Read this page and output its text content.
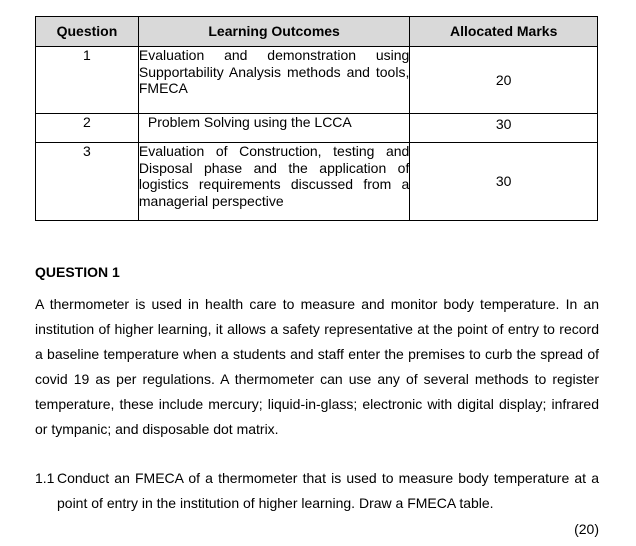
Question	Learning Outcomes	Allocated Marks
1	Evaluation and demonstration using Supportability Analysis methods and tools, FMECA	20
2	Problem Solving using the LCCA	30
3	Evaluation of Construction, testing and Disposal phase and the application of logistics requirements discussed from a managerial perspective	30
QUESTION 1

A thermometer is used in health care to measure and monitor body temperature. In an institution of higher learning, it allows a safety representative at the point of entry to record a baseline temperature when a students and staff enter the premises to curb the spread of covid 19 as per regulations. A thermometer can use any of several methods to register temperature, these include mercury; liquid-in-glass; electronic with digital display; infrared or tympanic; and disposable dot matrix.

1.1 Conduct an FMECA of a thermometer that is used to measure body temperature at a point of entry in the institution of higher learning. Draw a FMECA table.
(20)
